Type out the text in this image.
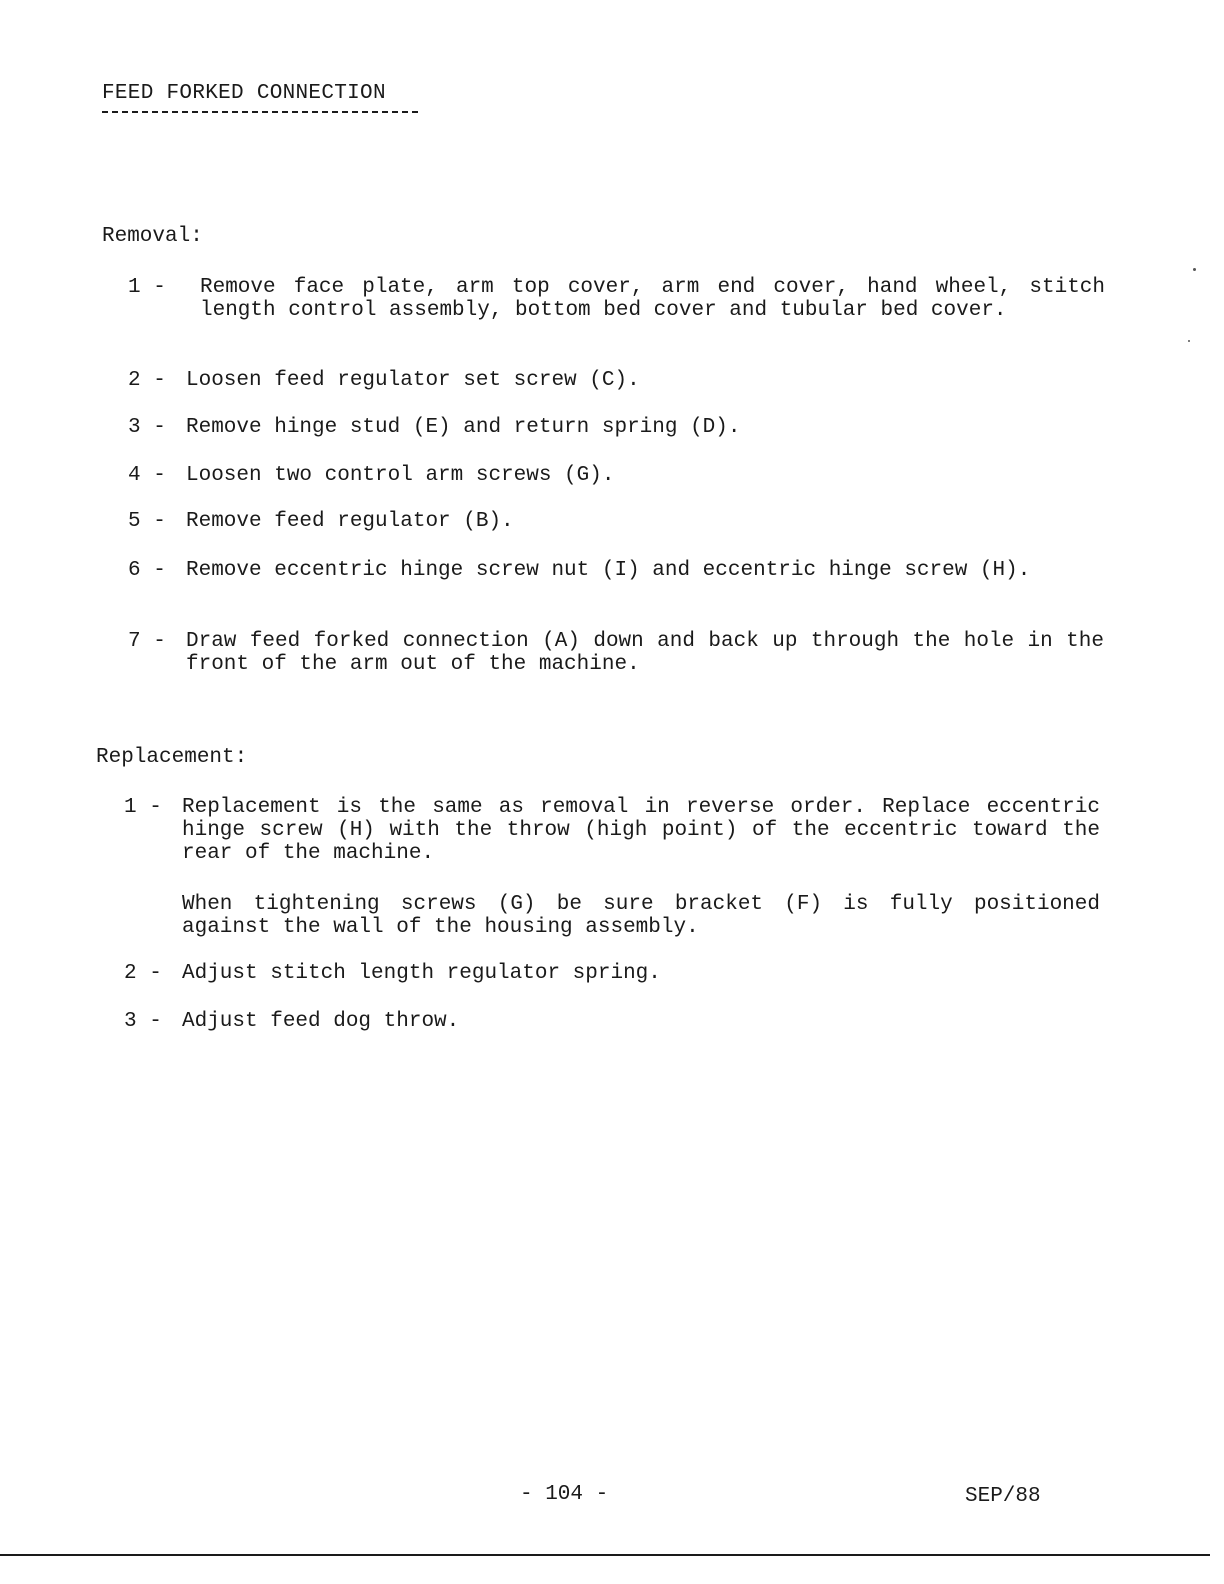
FEED FORKED CONNECTION
Removal:
1 -	Remove face plate, arm top cover, arm end cover, hand wheel, stitch length control assembly, bottom bed cover and tubular bed cover.
2 - Loosen feed regulator set screw (C).
3 - Remove hinge stud (E) and return spring (D).
4 - Loosen two control arm screws (G).
5 - Remove feed regulator (B).
6 - Remove eccentric hinge screw nut (I) and eccentric hinge screw (H).
7 - Draw feed forked connection (A) down and back up through the hole in the front of the arm out of the machine.
Replacement:
1 - Replacement is the same as removal in reverse order. Replace eccentric hinge screw (H) with the throw (high point) of the eccentric toward the rear of the machine.
When tightening screws (G) be sure bracket (F) is fully positioned against the wall of the housing assembly.
2 - Adjust stitch length regulator spring.
3 - Adjust feed dog throw.
- 104 -	SEP/88
